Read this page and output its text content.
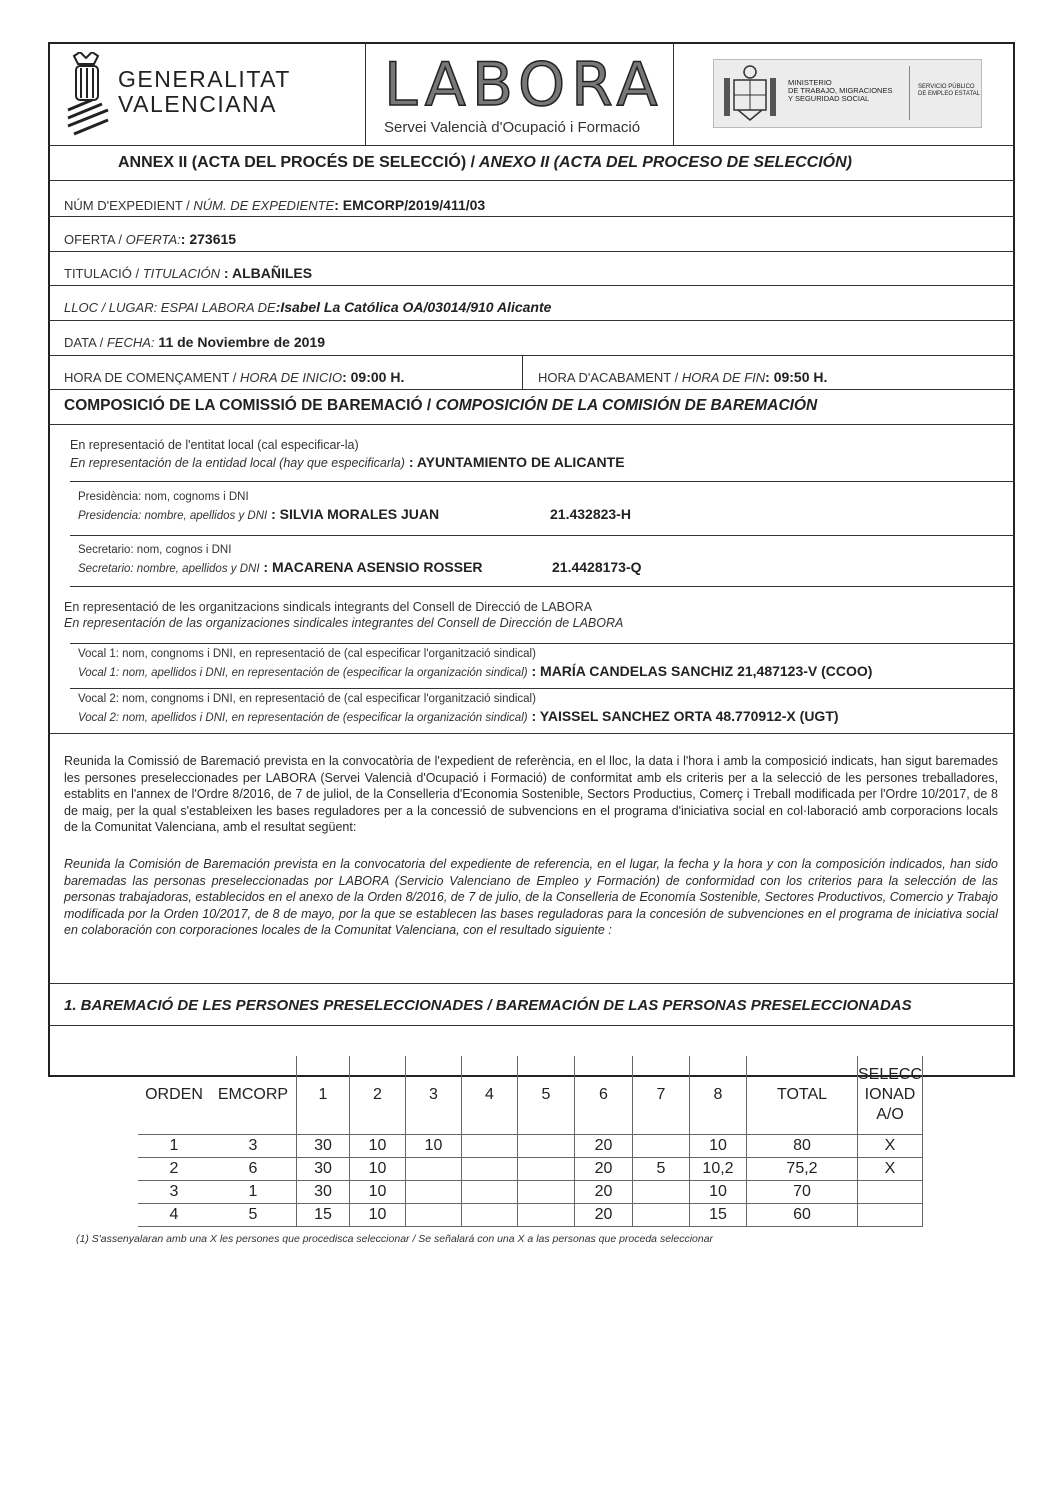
GENERALITAT
VALENCIANA LABORA
Servei Valencià d'Ocupació i Formació
MINISTERIO
DE TRABAJO, MIGRACIONES
Y SEGURIDAD SOCIAL
SERVICIO PÚBLICO
DE EMPLEO ESTATAL
ANNEX II (ACTA DEL PROCÉS DE SELECCIÓ) / ANEXO II (ACTA DEL PROCESO DE SELECCIÓN)
NÚM D'EXPEDIENT / NÚM. DE EXPEDIENTE: EMCORP/2019/411/03
OFERTA / OFERTA:: 273615
TITULACIÓ / TITULACIÓN : ALBAÑILES
LLOC / LUGAR: ESPAI LABORA DE:Isabel La Católica OA/03014/910 Alicante
DATA / FECHA: 11 de Noviembre de 2019
HORA DE COMENÇAMENT / HORA DE INICIO: 09:00 H.	HORA D'ACABAMENT / HORA DE FIN: 09:50 H.
COMPOSICIÓ DE LA COMISSIÓ DE BAREMACIÓ / COMPOSICIÓN DE LA COMISIÓN DE BAREMACIÓN
En representació de l'entitat local (cal especificar-la)
En representación de la entidad local (hay que especificarla) : AYUNTAMIENTO DE ALICANTE
Presidència: nom, cognoms i DNI
Presidencia: nombre, apellidos y DNI : SILVIA MORALES JUAN	21.432823-H
Secretario: nom, cognos i DNI
Secretario: nombre, apellidos y DNI : MACARENA ASENSIO ROSSER	21.4428173-Q
En representació de les organitzacions sindicals integrants del Consell de Direcció de LABORA
En representación de las organizaciones sindicales integrantes del Consell de Dirección de LABORA
Vocal 1: nom, congnoms i DNI, en representació de (cal especificar l'organització sindical)
Vocal 1: nom, apellidos i DNI, en representación de (especificar la organización sindical) : MARÍA CANDELAS SANCHIZ 21,487123-V (CCOO)
Vocal 2: nom, congnoms i DNI, en representació de (cal especificar l'organització sindical)
Vocal 2: nom, apellidos i DNI, en representación de (especificar la organización sindical) : YAISSEL SANCHEZ ORTA 48.770912-X (UGT)

Reunida la Comissió de Baremació prevista en la convocatòria de l'expedient de referència, en el lloc, la data i l'hora i amb la composició indicats, han sigut baremades les persones preseleccionades per LABORA (Servei Valencià d'Ocupació i Formació) de conformitat amb els criteris per a la selecció de les persones treballadores, establits en l'annex de l'Ordre 8/2016, de 7 de juliol, de la Conselleria d'Economia Sostenible, Sectors Productius, Comerç i Treball modificada per l'Ordre 10/2017, de 8 de maig, per la qual s'estableixen les bases reguladores per a la concessió de subvencions en el programa d'iniciativa social en col·laboració amb corporacions locals de la Comunitat Valenciana, amb el resultat següent:

Reunida la Comisión de Baremación prevista en la convocatoria del expediente de referencia, en el lugar, la fecha y la hora y con la composición indicados, han sido baremadas las personas preseleccionadas por LABORA (Servicio Valenciano de Empleo y Formación) de conformidad con los criterios para la selección de las personas trabajadoras, establecidos en el anexo de la Orden 8/2016, de 7 de julio, de la Conselleria de Economía Sostenible, Sectores Productivos, Comercio y Trabajo modificada por la Orden 10/2017, de 8 de mayo, por la que se establecen las bases reguladoras para la concesión de subvenciones en el programa de iniciativa social en colaboración con corporaciones locales de la Comunitat Valenciana, con el resultado siguiente :

1. BAREMACIÓ DE LES PERSONES PRESELECCIONADES / BAREMACIÓN DE LAS PERSONAS PRESELECCIONADAS
ORDEN	EMCORP	1	2	3	4	5	6	7	8	TOTAL	SELECC IONAD A/O
1	3	30	10	10			20		10	80	X
2	6	30	10				20	5	10,2	75,2	X
3	1	30	10				20		10	70	
4	5	15	10				20		15	60	
(1) S'assenyalaran amb una X les persones que procedisca seleccionar / Se señalará con una X a las personas que proceda seleccionar
